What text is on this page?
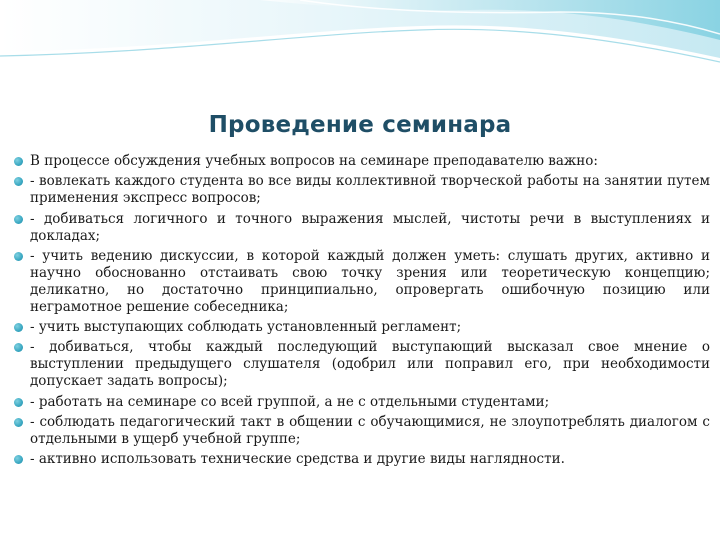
Проведение семинара
В процессе обсуждения учебных вопросов на семинаре преподавателю важно:
- вовлекать каждого студента во все виды коллективной творческой работы на занятии путем применения экспресс вопросов;
- добиваться логичного и точного выражения мыслей, чистоты речи в выступлениях и докладах;
- учить ведению дискуссии, в которой каждый должен уметь: слушать других, активно и научно обоснованно отстаивать свою точку зрения или теоретическую концепцию; деликатно, но достаточно принципиально, опровергать ошибочную позицию или неграмотное решение собеседника;
- учить выступающих соблюдать установленный регламент;
- добиваться, чтобы каждый последующий выступающий высказал свое мнение о выступлении предыдущего слушателя (одобрил или поправил его, при необходимости допускает задать вопросы);
- работать на семинаре со всей группой, а не с отдельными студентами;
- соблюдать педагогический такт в общении с обучающимися, не злоупотреблять диалогом с отдельными в ущерб учебной группе;
- активно использовать технические средства и другие виды наглядности.
